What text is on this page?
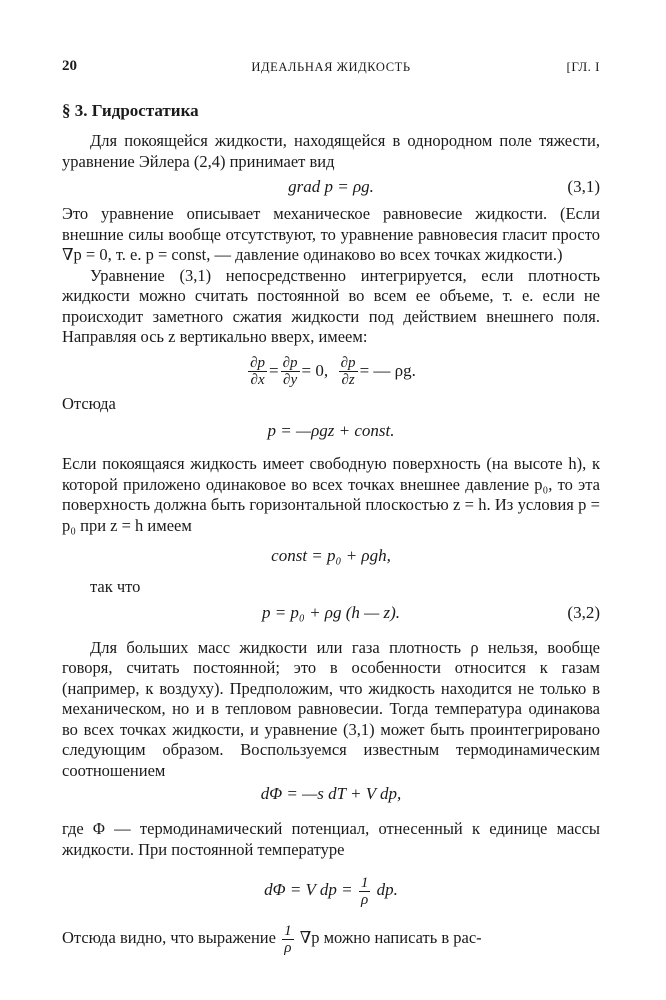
20	ИДЕАЛЬНАЯ ЖИДКОСТЬ	[ГЛ. I
§ 3. Гидростатика

Для покоящейся жидкости, находящейся в однородном поле тяжести, уравнение Эйлера (2,4) принимает вид

grad p = ρg.	(3,1)

Это уравнение описывает механическое равновесие жидкости. (Если внешние силы вообще отсутствуют, то уравнение равновесия гласит просто ∇p = 0, т. е. p = const, — давление одинаково во всех точках жидкости.)

Уравнение (3,1) непосредственно интегрируется, если плотность жидкости можно считать постоянной во всем ее объеме, т. е. если не происходит заметного сжатия жидкости под действием внешнего поля. Направляя ось z вертикально вверх, имеем:

$\frac{\partial p}{\partial x} = \frac{\partial p}{\partial y} = 0$, $\frac{\partial p}{\partial z}$ = — ρg.

Отсюда

p = —ρgz + const.

Если покоящаяся жидкость имеет свободную поверхность (на высоте h), к которой приложено одинаковое во всех точках внешнее давление p₀, то эта поверхность должна быть горизонтальной плоскостью z = h. Из условия p = p₀ при z = h имеем

const = p₀ + ρgh,

так что

p = p₀ + ρg (h — z).	(3,2)

Для больших масс жидкости или газа плотность ρ нельзя, вообще говоря, считать постоянной; это в особенности относится к газам (например, к воздуху). Предположим, что жидкость находится не только в механическом, но и в тепловом равновесии. Тогда температура одинакова во всех точках жидкости, и уравнение (3,1) может быть проинтегрировано следующим образом. Воспользуемся известным термодинамическим соотношением

dΦ = —s dT + V dp,

где Φ — термодинамический потенциал, отнесенный к единице массы жидкости. При постоянной температуре

dΦ = V dp = $\frac{1}{\rho}$ dp.

Отсюда видно, что выражение $\frac{1}{\rho} \nabla p$ можно написать в рас-
